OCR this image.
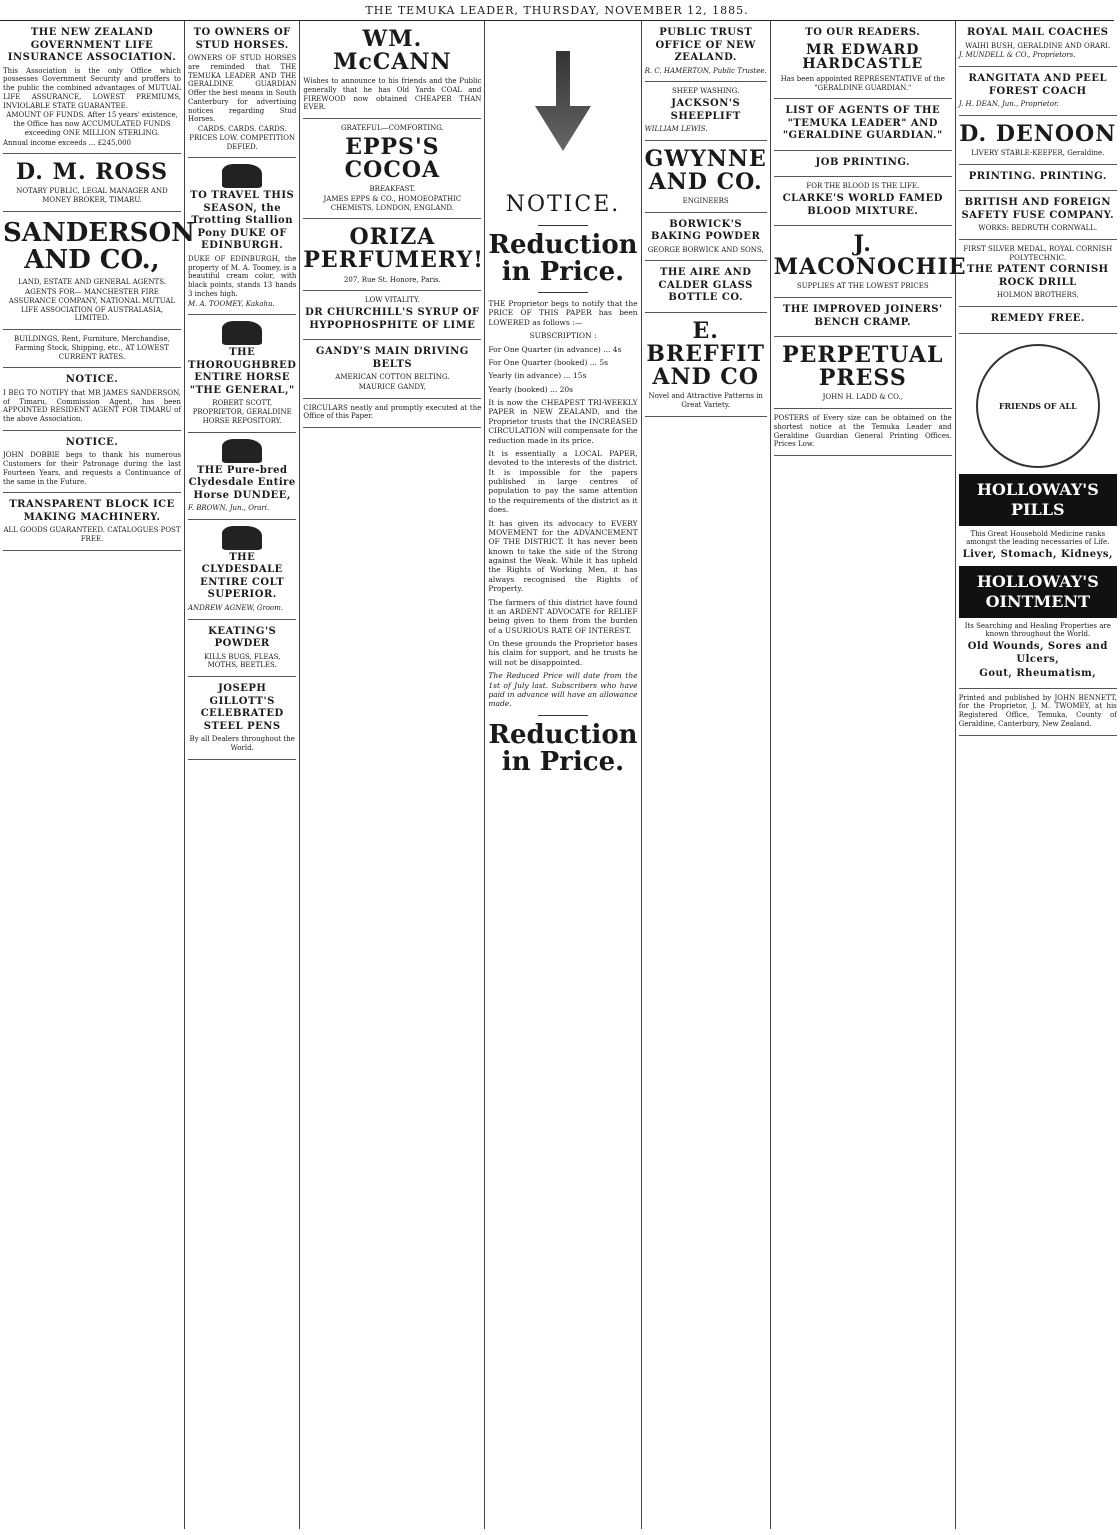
THE TEMUKA LEADER, THURSDAY, NOVEMBER 12, 1885.
THE NEW ZEALAND GOVERNMENT LIFE INSURANCE ASSOCIATION.

This Association is the only Office which possesses Government Security and proffers to the public the combined advantages of MUTUAL LIFE ASSURANCE, LOWEST PREMIUMS, INVIOLABLE STATE GUARANTEE.

AMOUNT OF FUNDS. After 15 years' existence, the Office has now ACCUMULATED FUNDS exceeding ONE MILLION STERLING.

Annual income exceeds ... £245,000

D. M. ROSS

NOTARY PUBLIC, LEGAL MANAGER AND MONEY BROKER, TIMARU.

SANDERSON AND CO.,

LAND, ESTATE AND GENERAL AGENTS.

AGENTS FOR— MANCHESTER FIRE ASSURANCE COMPANY, NATIONAL MUTUAL LIFE ASSOCIATION OF AUSTRALASIA, LIMITED.

BUILDINGS, Rent, Furniture, Merchandise, Farming Stock, Shipping, etc., AT LOWEST CURRENT RATES.

NOTICE.

I BEG TO NOTIFY that MR JAMES SANDERSON, of Timaru, Commission Agent, has been APPOINTED RESIDENT AGENT FOR TIMARU of the above Association.

NOTICE.

JOHN DOBBIE begs to thank his numerous Customers for their Patronage during the last Fourteen Years, and requests a Continuance of the same in the Future.

TRANSPARENT BLOCK ICE MAKING MACHINERY.

ALL GOODS GUARANTEED. CATALOGUES POST FREE.

TO OWNERS OF STUD HORSES.

OWNERS OF STUD HORSES are reminded that THE TEMUKA LEADER AND THE GERALDINE GUARDIAN Offer the best means in South Canterbury for advertising notices regarding Stud Horses.

CARDS. CARDS. CARDS. PRICES LOW. COMPETITION DEFIED.

TO TRAVEL THIS SEASON, the Trotting Stallion Pony DUKE OF EDINBURGH.

DUKE OF EDINBURGH, the property of M. A. Toomey, is a beautiful cream color, with black points, stands 13 hands 3 inches high.

M. A. TOOMEY, Kakahu.

THE THOROUGHBRED ENTIRE HORSE "THE GENERAL,"

ROBERT SCOTT, PROPRIETOR, GERALDINE HORSE REPOSITORY.

THE Pure-bred Clydesdale Entire Horse DUNDEE,

F. BROWN, Jun., Orari.

THE CLYDESDALE ENTIRE COLT SUPERIOR.

ANDREW AGNEW, Groom.

KEATING'S POWDER

KILLS BUGS, FLEAS, MOTHS, BEETLES.

JOSEPH GILLOTT'S CELEBRATED STEEL PENS

By all Dealers throughout the World.

WM. McCANN

Wishes to announce to his friends and the Public generally that he has Old Yards COAL and FIREWOOD now obtained CHEAPER THAN EVER.

GRATEFUL—COMFORTING.

EPPS'S COCOA

BREAKFAST.

JAMES EPPS & CO., HOMOEOPATHIC CHEMISTS, LONDON, ENGLAND.

ORIZA PERFUMERY!

207, Rue St. Honore, Paris.

LOW VITALITY.

DR CHURCHILL'S SYRUP OF HYPOPHOSPHITE OF LIME
GANDY'S MAIN DRIVING BELTS

AMERICAN COTTON BELTING.

MAURICE GANDY,

CIRCULARS neatly and promptly executed at the Office of this Paper.

NOTICE.
Reduction in Price.

THE Proprietor begs to notify that the PRICE OF THIS PAPER has been LOWERED as follows :—

SUBSCRIPTION :

For One Quarter (in advance) ... 4s

For One Quarter (booked) ... 5s

Yearly (in advance) ... 15s

Yearly (booked) ... 20s

It is now the CHEAPEST TRI-WEEKLY PAPER in NEW ZEALAND, and the Proprietor trusts that the INCREASED CIRCULATION will compensate for the reduction made in its price.

It is essentially a LOCAL PAPER, devoted to the interests of the district. It is impossible for the papers published in large centres of population to pay the same attention to the requirements of the district as it does.

It has given its advocacy to EVERY MOVEMENT for the ADVANCEMENT OF THE DISTRICT. It has never been known to take the side of the Strong against the Weak. While it has upheld the Rights of Working Men, it has always recognised the Rights of Property.

The farmers of this district have found it an ARDENT ADVOCATE for RELIEF being given to them from the burden of a USURIOUS RATE OF INTEREST.

On these grounds the Proprietor bases his claim for support, and he trusts he will not be disappointed.

The Reduced Price will date from the 1st of July last. Subscribers who have paid in advance will have an allowance made.

Reduction in Price.
PUBLIC TRUST OFFICE OF NEW ZEALAND.

R. C. HAMERTON, Public Trustee.

SHEEP WASHING.

JACKSON'S SHEEPLIFT

WILLIAM LEWIS.

GWYNNE AND CO.

ENGINEERS

BORWICK'S BAKING POWDER

GEORGE BORWICK AND SONS,

THE AIRE AND CALDER GLASS BOTTLE CO.
E. BREFFIT AND CO

Novel and Attractive Patterns in Great Variety.

TO OUR READERS.
MR EDWARD HARDCASTLE

Has been appointed REPRESENTATIVE of the "GERALDINE GUARDIAN."

LIST OF AGENTS OF THE "TEMUKA LEADER" AND "GERALDINE GUARDIAN."
JOB PRINTING.

FOR THE BLOOD IS THE LIFE.

CLARKE'S WORLD FAMED BLOOD MIXTURE.
J. MACONOCHIE

SUPPLIES AT THE LOWEST PRICES

THE IMPROVED JOINERS' BENCH CRAMP.
PERPETUAL PRESS

JOHN H. LADD & CO.,

POSTERS of Every size can be obtained on the shortest notice at the Temuka Leader and Geraldine Guardian General Printing Offices. Prices Low.

ROYAL MAIL COACHES

WAIHI BUSH, GERALDINE AND ORARI.

J. MUNDELL & CO., Proprietors.

RANGITATA AND PEEL FOREST COACH

J. H. DEAN, Jun., Proprietor.

D. DENOON

LIVERY STABLE-KEEPER, Geraldine.

PRINTING. PRINTING.
BRITISH AND FOREIGN SAFETY FUSE COMPANY.

WORKS: BEDRUTH CORNWALL.

FIRST SILVER MEDAL, ROYAL CORNISH POLYTECHNIC.

THE PATENT CORNISH ROCK DRILL

HOLMON BROTHERS,

REMEDY FREE.
FRIENDS OF ALL
HOLLOWAY'S PILLS

This Great Household Medicine ranks amongst the leading necessaries of Life.

Liver, Stomach, Kidneys,
HOLLOWAY'S OINTMENT

Its Searching and Healing Properties are known throughout the World.

Old Wounds, Sores and Ulcers,
Gout, Rheumatism,

Printed and published by JOHN BENNETT, for the Proprietor, J. M. TWOMEY, at his Registered Office, Temuka, County of Geraldine, Canterbury, New Zealand.
